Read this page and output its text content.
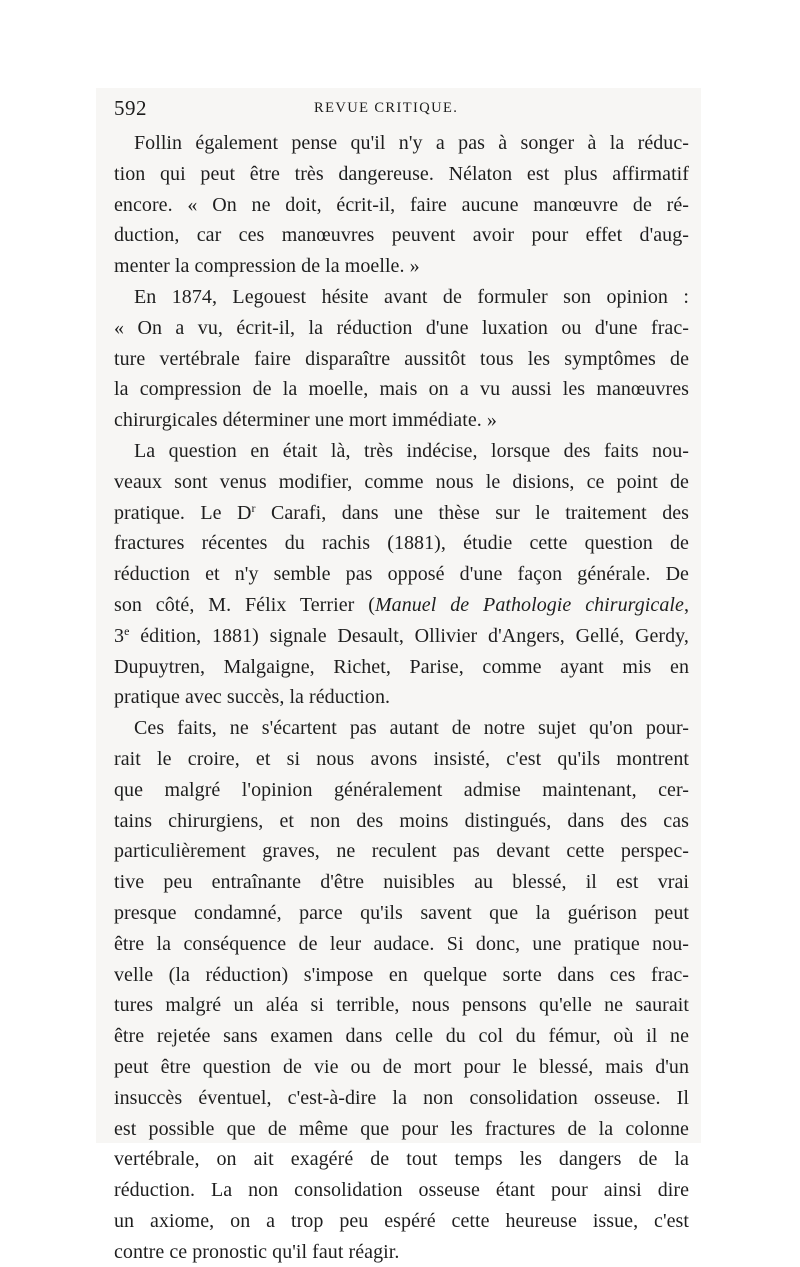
592	REVUE CRITIQUE.
Follin également pense qu'il n'y a pas à songer à la réduc-
tion qui peut être très dangereuse. Nélaton est plus affirmatif
encore. « On ne doit, écrit-il, faire aucune manœuvre de ré-
duction, car ces manœuvres peuvent avoir pour effet d'aug-
menter la compression de la moelle. »
En 1874, Legouest hésite avant de formuler son opinion :
« On a vu, écrit-il, la réduction d'une luxation ou d'une frac-
ture vertébrale faire disparaître aussitôt tous les symptômes de
la compression de la moelle, mais on a vu aussi les manœuvres
chirurgicales déterminer une mort immédiate. »
La question en était là, très indécise, lorsque des faits nou-
veaux sont venus modifier, comme nous le disions, ce point de
pratique. Le $D^r$ Carafi, dans une thèse sur le traitement des
fractures récentes du rachis (1881), étudie cette question de
réduction et n'y semble pas opposé d'une façon générale. De
son côté, M. Félix Terrier (Manuel de Pathologie chirurgicale,
3e édition, 1881) signale Desault, Ollivier d'Angers, Gellé, Gerdy,
Dupuytren, Malgaigne, Richet, Parise, comme ayant mis en
pratique avec succès, la réduction.
Ces faits, ne s'écartent pas autant de notre sujet qu'on pour-
rait le croire, et si nous avons insisté, c'est qu'ils montrent
que malgré l'opinion généralement admise maintenant, cer-
tains chirurgiens, et non des moins distingués, dans des cas
particulièrement graves, ne reculent pas devant cette perspec-
tive peu entraînante d'être nuisibles au blessé, il est vrai
presque condamné, parce qu'ils savent que la guérison peut
être la conséquence de leur audace. Si donc, une pratique nou-
velle (la réduction) s'impose en quelque sorte dans ces frac-
tures malgré un aléa si terrible, nous pensons qu'elle ne saurait
être rejetée sans examen dans celle du col du fémur, où il ne
peut être question de vie ou de mort pour le blessé, mais d'un
insuccès éventuel, c'est-à-dire la non consolidation osseuse. Il
est possible que de même que pour les fractures de la colonne
vertébrale, on ait exagéré de tout temps les dangers de la
réduction. La non consolidation osseuse étant pour ainsi dire
un axiome, on a trop peu espéré cette heureuse issue, c'est
contre ce pronostic qu'il faut réagir.
